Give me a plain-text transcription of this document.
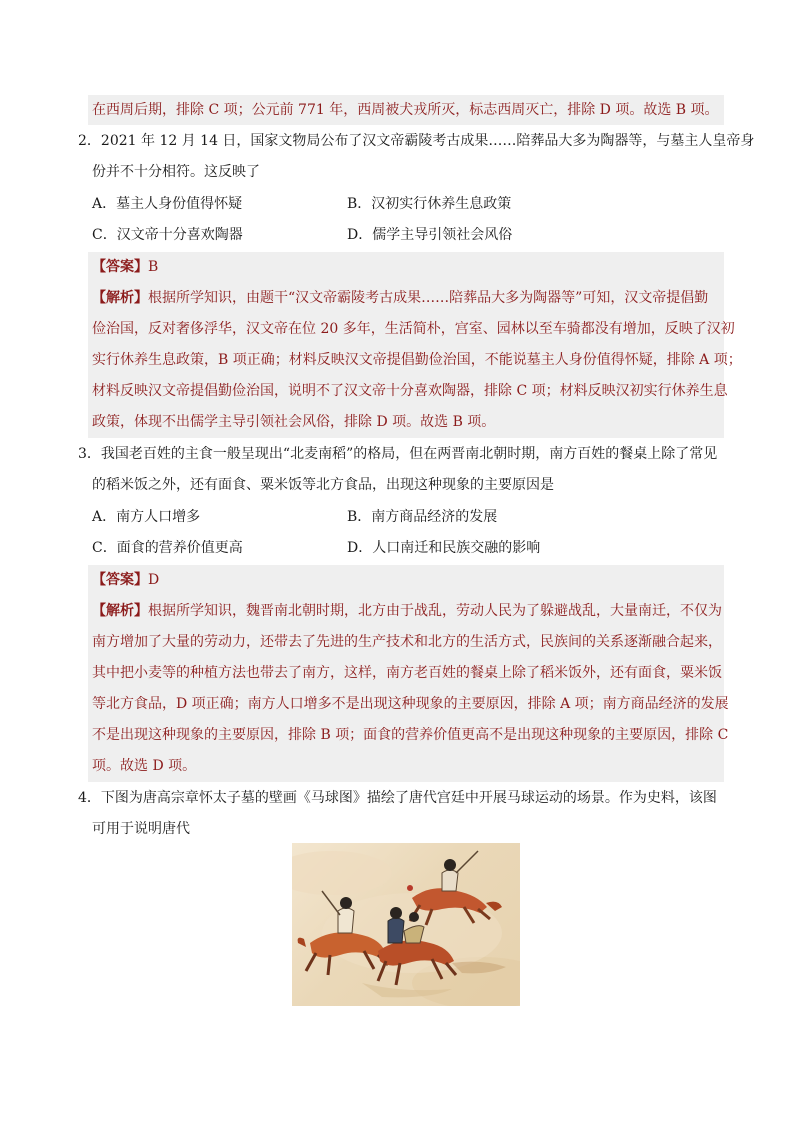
在西周后期，排除 C 项；公元前 771 年，西周被犬戎所灭，标志西周灭亡，排除 D 项。故选 B 项。
2．2021 年 12 月 14 日，国家文物局公布了汉文帝霸陵考古成果……陪葬品大多为陶器等，与墓主人皇帝身
份并不十分相符。这反映了
A．墓主人身份值得怀疑	B．汉初实行休养生息政策
C．汉文帝十分喜欢陶器	D．儒学主导引领社会风俗
【答案】B
【解析】根据所学知识，由题干“汉文帝霸陵考古成果……陪葬品大多为陶器等”可知，汉文帝提倡勤
俭治国，反对奢侈浮华，汉文帝在位 20 多年，生活简朴，宫室、园林以至车骑都没有增加，反映了汉初
实行休养生息政策，B 项正确；材料反映汉文帝提倡勤俭治国，不能说墓主人身份值得怀疑，排除 A 项；
材料反映汉文帝提倡勤俭治国，说明不了汉文帝十分喜欢陶器，排除 C 项；材料反映汉初实行休养生息
政策，体现不出儒学主导引领社会风俗，排除 D 项。故选 B 项。
3．我国老百姓的主食一般呈现出“北麦南稻”的格局，但在两晋南北朝时期，南方百姓的餐桌上除了常见
的稻米饭之外，还有面食、粟米饭等北方食品，出现这种现象的主要原因是
A．南方人口增多	B．南方商品经济的发展
C．面食的营养价值更高	D．人口南迁和民族交融的影响
【答案】D
【解析】根据所学知识，魏晋南北朝时期，北方由于战乱，劳动人民为了躲避战乱，大量南迁，不仅为
南方增加了大量的劳动力，还带去了先进的生产技术和北方的生活方式，民族间的关系逐渐融合起来，
其中把小麦等的种植方法也带去了南方，这样，南方老百姓的餐桌上除了稻米饭外，还有面食，粟米饭
等北方食品，D 项正确；南方人口增多不是出现这种现象的主要原因，排除 A 项；南方商品经济的发展
不是出现这种现象的主要原因，排除 B 项；面食的营养价值更高不是出现这种现象的主要原因，排除 C
项。故选 D 项。
4．下图为唐高宗章怀太子墓的壁画《马球图》描绘了唐代宫廷中开展马球运动的场景。作为史料，该图
可用于说明唐代
